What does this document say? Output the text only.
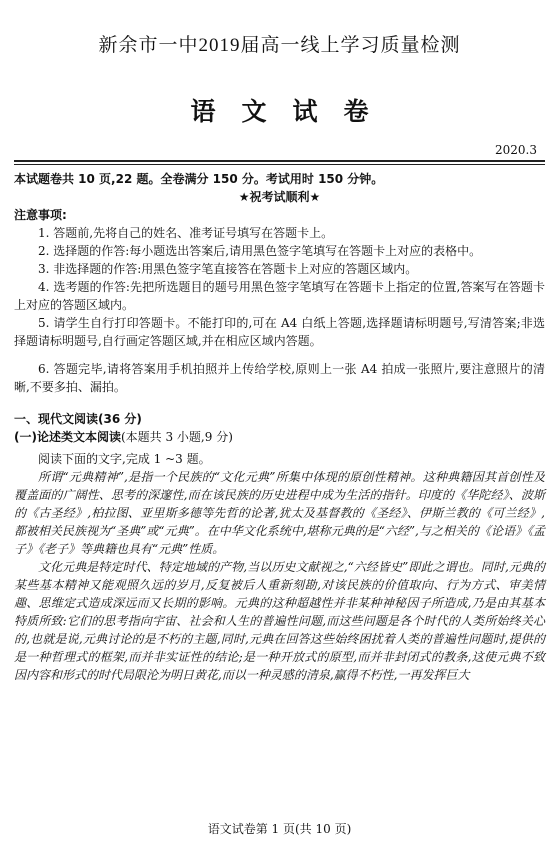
新余市一中2019届高一线上学习质量检测
语文试卷
2020.3

本试题卷共 10 页,22 题。全卷满分 150 分。考试用时 150 分钟。

★祝考试顺利★

注意事项:

1. 答题前,先将自己的姓名、准考证号填写在答题卡上。

2. 选择题的作答:每小题选出答案后,请用黑色签字笔填写在答题卡上对应的表格中。

3. 非选择题的作答:用黑色签字笔直接答在答题卡上对应的答题区域内。

4. 选考题的作答:先把所选题目的题号用黑色签字笔填写在答题卡上指定的位置,答案写在答题卡上对应的答题区域内。

5. 请学生自行打印答题卡。不能打印的,可在 A4 白纸上答题,选择题请标明题号,写清答案;非选择题请标明题号,自行画定答题区域,并在相应区域内答题。

6. 答题完毕,请将答案用手机拍照并上传给学校,原则上一张 A4 拍成一张照片,要注意照片的清晰,不要多拍、漏拍。

一、现代文阅读(36 分)

(一)论述类文本阅读(本题共 3 小题,9 分)

阅读下面的文字,完成 1 ~3 题。

所谓“元典精神”,是指一个民族的“文化元典”所集中体现的原创性精神。这种典籍因其首创性及覆盖面的广阔性、思考的深邃性,而在该民族的历史进程中成为生活的指针。印度的《华陀经》、波斯的《古圣经》,柏拉图、亚里斯多德等先哲的论著,犹太及基督教的《圣经》、伊斯兰教的《可兰经》,都被相关民族视为“圣典”或“元典”。在中华文化系统中,堪称元典的是“六经”,与之相关的《论语》《孟子》《老子》等典籍也具有“元典”性质。

文化元典是特定时代、特定地域的产物,当以历史文献视之,“六经皆史”即此之谓也。同时,元典的某些基本精神又能观照久远的岁月,反复被后人重新刻勘,对该民族的价值取向、行为方式、审美情趣、思维定式造成深远而又长期的影响。元典的这种超越性并非某种神秘因子所造成,乃是由其基本特质所致:它们的思考指向宇宙、社会和人生的普遍性问题,而这些问题是各个时代的人类所始终关心的,也就是说,元典讨论的是不朽的主题,同时,元典在回答这些始终困扰着人类的普遍性问题时,提供的是一种哲理式的框架,而并非实证性的结论;是一种开放式的原型,而并非封闭式的教条,这使元典不致因内容和形式的时代局限沦为明日黄花,而以一种灵感的清泉,赢得不朽性,一再发挥巨大

语文试卷第 1 页(共 10 页)
